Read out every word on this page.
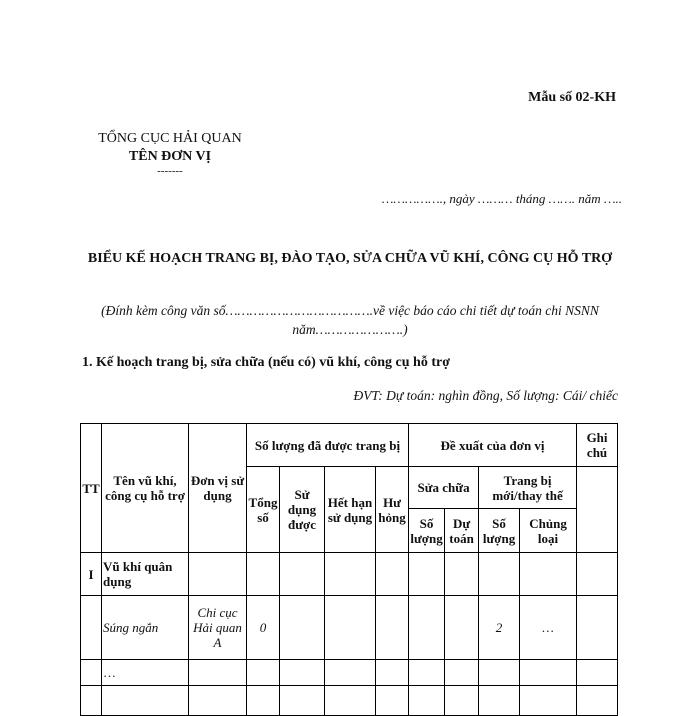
Mẫu số 02-KH
TỔNG CỤC HẢI QUAN
TÊN ĐƠN VỊ
-------
……………., ngày ……… tháng ……. năm …..
BIỂU KẾ HOẠCH TRANG BỊ, ĐÀO TẠO, SỬA CHỮA VŨ KHÍ, CÔNG CỤ HỖ TRỢ
(Đính kèm công văn số……………………………….về việc báo cáo chi tiết dự toán chi NSNN năm………………….)
1. Kế hoạch trang bị, sửa chữa (nếu có) vũ khí, công cụ hỗ trợ
ĐVT: Dự toán: nghìn đồng, Số lượng: Cái/ chiếc
TT	Tên vũ khí, công cụ hỗ trợ	Đơn vị sử dụng	Số lượng đã được trang bị				Đề xuất của đơn vị				Ghi chú
			Tổng số	Sử dụng được	Hết hạn sử dụng	Hư hỏng	Sửa chữa		Trang bị mới/thay thế		
							Số lượng	Dự toán	Số lượng	Chủng loại	
I	Vũ khí quân dụng										
	Súng ngắn	Chi cục Hải quan A	0						2	…	
	…										
